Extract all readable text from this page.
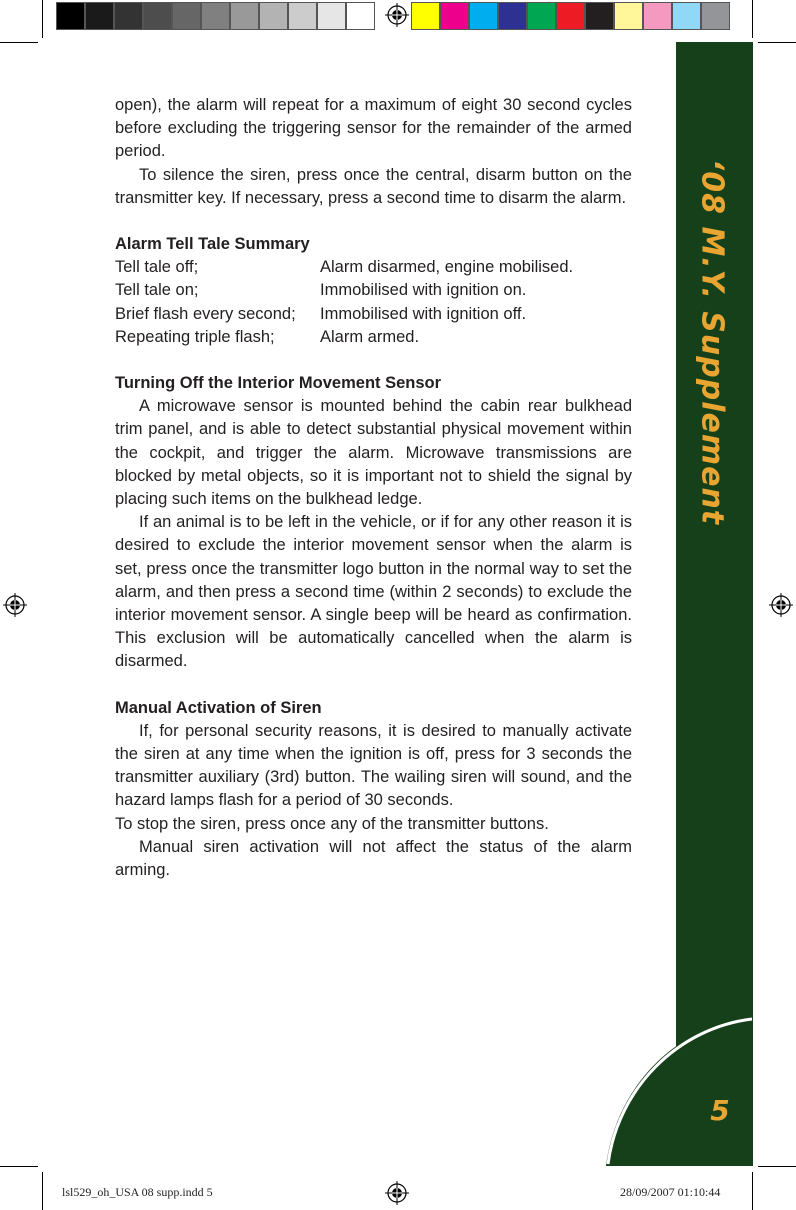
‘08 M.Y. Supplement
5

open), the alarm will repeat for a maximum of eight 30 second cycles before excluding the triggering sensor for the remainder of the armed period.

To silence the siren, press once the central, disarm button on the transmitter key. If necessary, press a second time to disarm the alarm.

Alarm Tell Tale Summary

Tell tale off;	Alarm disarmed, engine mobilised.
Tell tale on;	Immobilised with ignition on.
Brief flash every second;	Immobilised with ignition off.
Repeating triple flash;	Alarm armed.

Turning Off the Interior Movement Sensor

A microwave sensor is mounted behind the cabin rear bulkhead trim panel, and is able to detect substantial physical movement within the cockpit, and trigger the alarm. Microwave transmissions are blocked by metal objects, so it is important not to shield the signal by placing such items on the bulkhead ledge.

If an animal is to be left in the vehicle, or if for any other reason it is desired to exclude the interior movement sensor when the alarm is set, press once the transmitter logo button in the normal way to set the alarm, and then press a second time (within 2 seconds) to exclude the interior movement sensor. A single beep will be heard as confirmation. This exclusion will be automatically cancelled when the alarm is disarmed.

Manual Activation of Siren

If, for personal security reasons, it is desired to manually activate the siren at any time when the ignition is off, press for 3 seconds the transmitter auxiliary (3rd) button. The wailing siren will sound, and the hazard lamps flash for a period of 30 seconds.

To stop the siren, press once any of the transmitter buttons.

Manual siren activation will not affect the status of the alarm arming.

lsl529_oh_USA 08 supp.indd 5	28/09/2007 01:10:44
